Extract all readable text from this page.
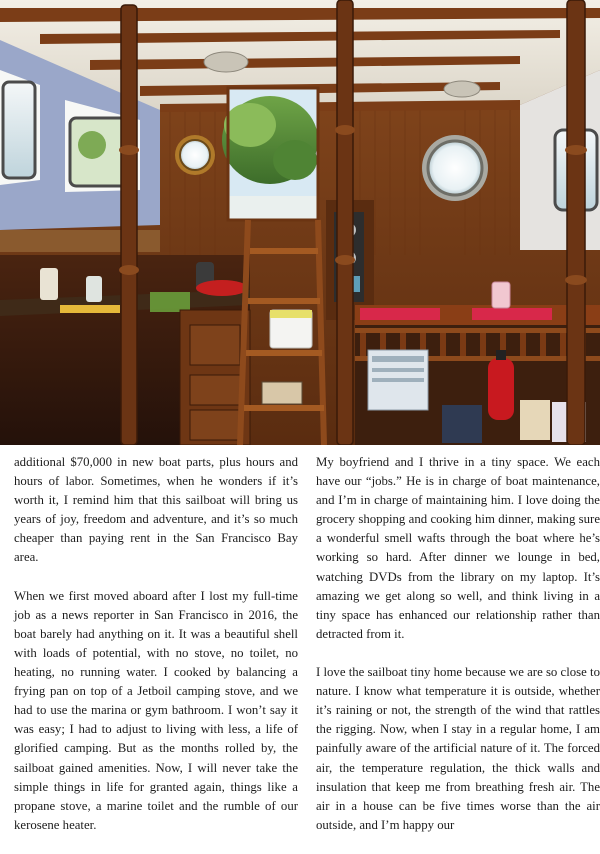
additional $70,000 in new boat parts, plus hours and hours of labor. Sometimes, when he wonders if it’s worth it, I remind him that this sailboat will bring us years of joy, freedom and adventure, and it’s so much cheaper than paying rent in the San Francisco Bay area.

When we first moved aboard after I lost my full-time job as a news reporter in San Francisco in 2016, the boat barely had anything on it. It was a beautiful shell with loads of potential, with no stove, no toilet, no heating, no running water. I cooked by balancing a frying pan on top of a Jetboil camping stove, and we had to use the marina or gym bathroom. I won’t say it was easy; I had to adjust to living with less, a life of glorified camping. But as the months rolled by, the sailboat gained amenities. Now, I will never take the simple things in life for granted again, things like a propane stove, a marine toilet and the rumble of our kerosene heater.

My boyfriend and I thrive in a tiny space. We each have our “jobs.” He is in charge of boat maintenance, and I’m in charge of maintaining him. I love doing the grocery shopping and cooking him dinner, making sure a wonderful smell wafts through the boat where he’s working so hard. After dinner we lounge in bed, watching DVDs from the library on my laptop. It’s amazing we get along so well, and think living in a tiny space has enhanced our relationship rather than detracted from it.

I love the sailboat tiny home because we are so close to nature. I know what temperature it is outside, whether it’s raining or not, the strength of the wind that rattles the rigging. Now, when I stay in a regular home, I am painfully aware of the artificial nature of it. The forced air, the temperature regulation, the thick walls and insulation that keep me from breathing fresh air. The air in a house can be five times worse than the air outside, and I’m happy our
